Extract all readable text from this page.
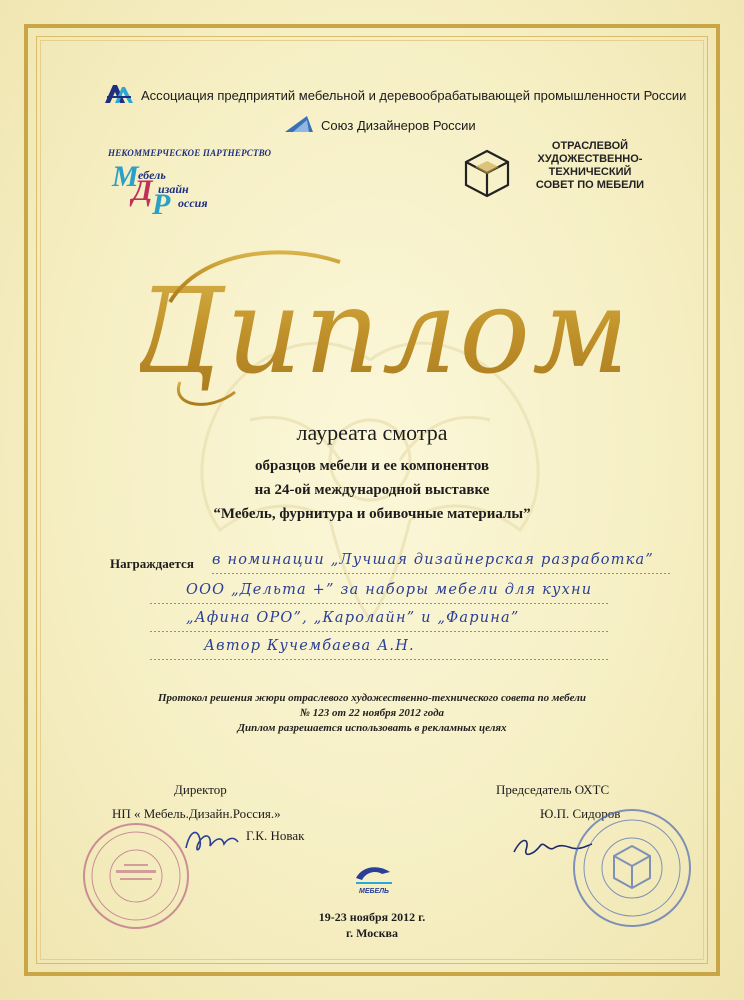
Ассоциация предприятий мебельной и деревообрабатывающей промышленности России
Союз Дизайнеров России
НЕКОММЕРЧЕСКОЕ ПАРТНЕРСТВО
М ебель
Д изайн
Р оссия
ОТРАСЛЕВОЙ
ХУДОЖЕСТВЕННО-
ТЕХНИЧЕСКИЙ
СОВЕТ ПО МЕБЕЛИ
Диплом
лауреата смотра
образцов мебели и ее компонентов
на 24-ой международной выставке
“Мебель, фурнитура и обивочные материалы”
Награждается в номинации „Лучшая дизайнерская разработка”
ООО „Дельта +” за наборы мебели для кухни
„Афина ОРО”, „Каролайн” и „Фарина”
Автор Кучембаева А.Н.
Протокол решения жюри отраслевого художественно-технического совета по мебели
№ 123 от 22 ноября 2012 года
Диплом разрешается использовать в рекламных целях
Директор
НП « Мебель.Дизайн.Россия.»
Г.К. Новак
Председатель ОХТС
Ю.П. Сидоров
МЕБЕЛЬ
19-23 ноября 2012 г.
г. Москва
